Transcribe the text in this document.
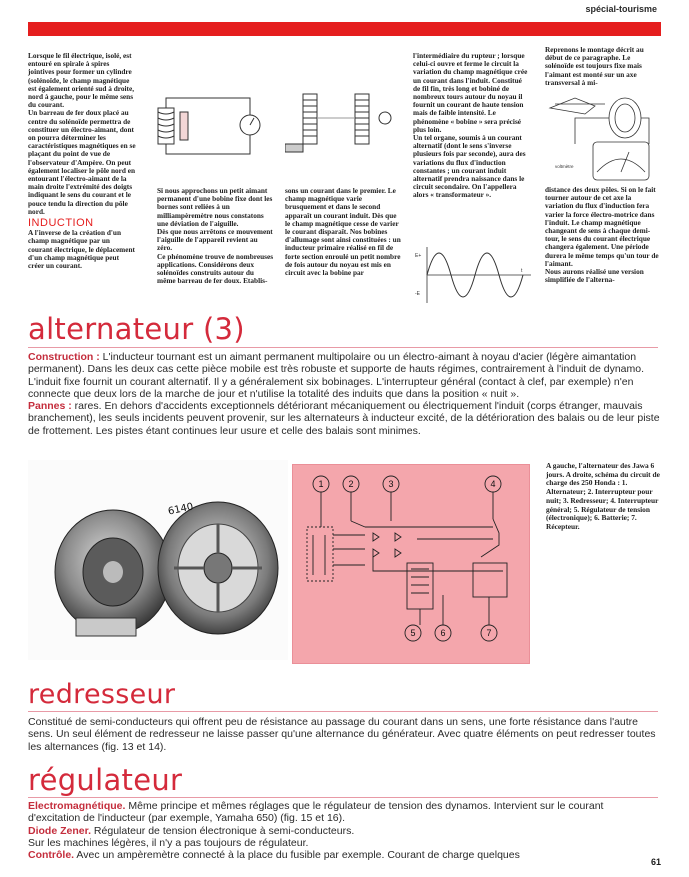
spécial-tourisme

Lorsque le fil électrique, isolé, est entouré en spirale à spires jointives pour former un cylindre (solénoïde, le champ magnétique est également orienté sud à droite, nord à gauche, pour le même sens du courant.

Un barreau de fer doux placé au centre du solénoïde permettra de constituer un électro-aimant, dont on pourra déterminer les caractéristiques magnétiques en se plaçant du point de vue de l'observateur d'Ampère. On peut également localiser le pôle nord en entourant l'électro-aimant de la main droite l'extrémité des doigts indiquant le sens du courant et le pouce tendu la direction du pôle nord.

INDUCTION

A l'inverse de la création d'un champ magnétique par un courant électrique, le déplacement d'un champ magnétique peut créer un courant.

Si nous approchons un petit aimant permanent d'une bobine fixe dont les bornes sont reliées à un milliampèremètre nous constatons une déviation de l'aiguille.

Dès que nous arrêtons ce mouvement l'aiguille de l'appareil revient au zéro.

Ce phénomène trouve de nombreuses applications. Considérons deux solénoïdes construits autour du même barreau de fer doux. Etablis-

sons un courant dans le premier. Le champ magnétique varie brusquement et dans le second apparaît un courant induit. Dès que le champ magnétique cesse de varier le courant disparaît. Nos bobines d'allumage sont ainsi constituées : un inducteur primaire réalisé en fil de forte section enroulé un petit nombre de fois autour du noyau est mis en circuit avec la bobine par

l'intermédiaire du rupteur ; lorsque celui-ci ouvre et ferme le circuit la variation du champ magnétique crée un courant dans l'induit. Constitué de fil fin, très long et bobiné de nombreux tours autour du noyau il fournit un courant de haute tension mais de faible intensité. Le phénomène « bobine » sera précisé plus loin.

Un tel organe, soumis à un courant alternatif (dont le sens s'inverse plusieurs fois par seconde), aura des variations du flux d'induction constantes ; un courant induit alternatif prendra naissance dans le circuit secondaire. On l'appellera alors « transformateur ».

E+
-E
t

Reprenons le montage décrit au début de ce paragraphe. Le solénoïde est toujours fixe mais l'aimant est monté sur un axe transversal à mi-

voltmètre

distance des deux pôles. Si on le fait tourner autour de cet axe la variation du flux d'induction fera varier la force électro-motrice dans l'induit. Le champ magnétique changeant de sens à chaque demi-tour, le sens du courant électrique changera également. Une période durera le même temps qu'un tour de l'aimant.

Nous aurons réalisé une version simplifiée de l'alterna-

alternateur (3)

Construction : L'inducteur tournant est un aimant permanent multipolaire ou un électro-aimant à noyau d'acier (légère aimantation permanent). Dans les deux cas cette pièce mobile est très robuste et supporte de hauts régimes, contrairement à l'induit de dynamo.

L'induit fixe fournit un courant alternatif. Il y a généralement six bobinages. L'interrupteur général (contact à clef, par exemple) n'en connecte que deux lors de la marche de jour et n'utilise la totalité des induits que dans la position « nuit ».

Pannes : rares. En dehors d'accidents exceptionnels détériorant mécaniquement ou électriquement l'induit (corps étranger, mauvais branchement), les seuls incidents peuvent provenir, sur les alternateurs à inducteur excité, de la détérioration des balais ou de leur piste de frottement. Les pistes étant continues leur usure et celle des balais sont minimes.

6140
1	2	3	4
5	6	7
A gauche, l'alternateur des Jawa 6 jours. A droite, schéma du circuit de charge des 250 Honda : 1. Alternateur; 2. Interrupteur pour nuit; 3. Redresseur; 4. Interrupteur général; 5. Régulateur de tension (électronique); 6. Batterie; 7. Récepteur.
redresseur

Constitué de semi-conducteurs qui offrent peu de résistance au passage du courant dans un sens, une forte résistance dans l'autre sens. Un seul élément de redresseur ne laisse passer qu'une alternance du générateur. Avec quatre éléments on peut redresser toutes les alternances (fig. 13 et 14).

régulateur

Electromagnétique. Même principe et mêmes réglages que le régulateur de tension des dynamos. Intervient sur le courant d'excitation de l'inducteur (par exemple, Yamaha 650) (fig. 15 et 16).

Diode Zener. Régulateur de tension électronique à semi-conducteurs.

Sur les machines légères, il n'y a pas toujours de régulateur.

Contrôle. Avec un ampèremètre connecté à la place du fusible par exemple. Courant de charge quelques

61
